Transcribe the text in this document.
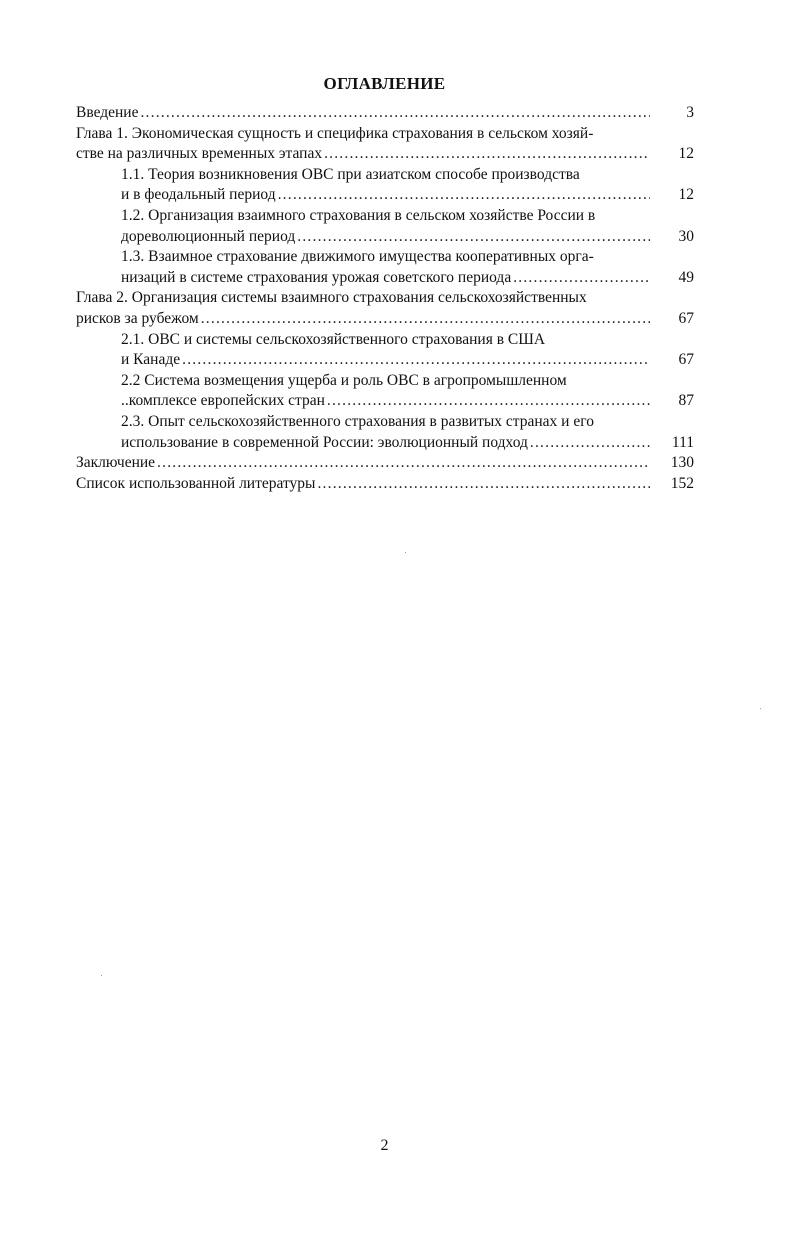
ОГЛАВЛЕНИЕ
Введение .....	3
Глава 1. Экономическая сущность и специфика страхования в сельском хозяй-
стве на различных временных этапах .....	12
1.1. Теория возникновения ОВС при азиатском способе производства
и в феодальный период .....	12
1.2. Организация взаимного страхования в сельском хозяйстве России в
дореволюционный период .....	30
1.3. Взаимное страхование движимого имущества кооперативных орга-
низаций в системе страхования урожая советского периода .....	49
Глава 2. Организация системы взаимного страхования сельскохозяйственных
рисков за рубежом .....	67
2.1. ОВС и системы сельскохозяйственного страхования в США
и Канаде .....	67
2.2 Система возмещения ущерба и роль ОВС в агропромышленном
..комплексе европейских стран .....	87
2.3. Опыт сельскохозяйственного страхования в развитых странах и его
использование в современной России: эволюционный подход .....	111
Заключение .....	130
Список использованной литературы .....	152
2
